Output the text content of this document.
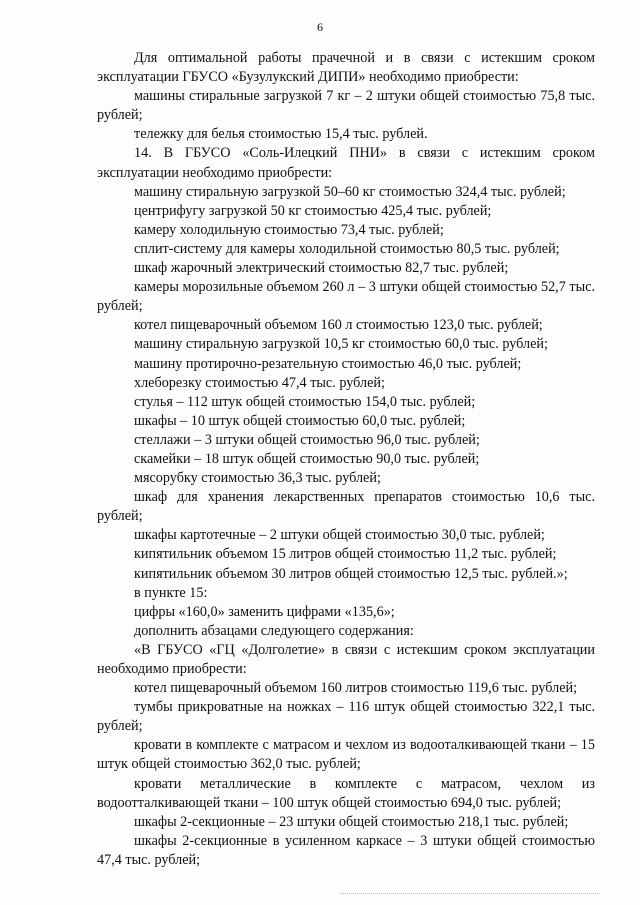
6

Для оптимальной работы прачечной и в связи с истекшим сроком эксплуатации ГБУСО «Бузулукский ДИПИ» необходимо приобрести:

машины стиральные загрузкой 7 кг – 2 штуки общей стоимостью 75,8 тыс. рублей;

тележку для белья стоимостью 15,4 тыс. рублей.

14. В ГБУСО «Соль-Илецкий ПНИ» в связи с истекшим сроком эксплуатации необходимо приобрести:

машину стиральную загрузкой 50–60 кг стоимостью 324,4 тыс. рублей;

центрифугу загрузкой 50 кг стоимостью 425,4 тыс. рублей;

камеру холодильную стоимостью 73,4 тыс. рублей;

сплит-систему для камеры холодильной стоимостью 80,5 тыс. рублей;

шкаф жарочный электрический стоимостью 82,7 тыс. рублей;

камеры морозильные объемом 260 л – 3 штуки общей стоимостью 52,7 тыс. рублей;

котел пищеварочный объемом 160 л стоимостью 123,0 тыс. рублей;

машину стиральную загрузкой 10,5 кг стоимостью 60,0 тыс. рублей;

машину протирочно-резательную стоимостью 46,0 тыс. рублей;

хлеборезку стоимостью 47,4 тыс. рублей;

стулья – 112 штук общей стоимостью 154,0 тыс. рублей;

шкафы – 10 штук общей стоимостью 60,0 тыс. рублей;

стеллажи – 3 штуки общей стоимостью 96,0 тыс. рублей;

скамейки – 18 штук общей стоимостью 90,0 тыс. рублей;

мясорубку стоимостью 36,3 тыс. рублей;

шкаф для хранения лекарственных препаратов стоимостью 10,6 тыс. рублей;

шкафы картотечные – 2 штуки общей стоимостью 30,0 тыс. рублей;

кипятильник объемом 15 литров общей стоимостью 11,2 тыс. рублей;

кипятильник объемом 30 литров общей стоимостью 12,5 тыс. рублей.»;

в пункте 15:

цифры «160,0» заменить цифрами «135,6»;

дополнить абзацами следующего содержания:

«В ГБУСО «ГЦ «Долголетие» в связи с истекшим сроком эксплуатации необходимо приобрести:

котел пищеварочный объемом 160 литров стоимостью 119,6 тыс. рублей;

тумбы прикроватные на ножках – 116 штук общей стоимостью 322,1 тыс. рублей;

кровати в комплекте с матрасом и чехлом из водооталкивающей ткани – 15 штук общей стоимостью 362,0 тыс. рублей;

кровати металлические в комплекте с матрасом, чехлом из водоотталкивающей ткани – 100 штук общей стоимостью 694,0 тыс. рублей;

шкафы 2-секционные – 23 штуки общей стоимостью 218,1 тыс. рублей;

шкафы 2-секционные в усиленном каркасе – 3 штуки общей стоимостью 47,4 тыс. рублей;
